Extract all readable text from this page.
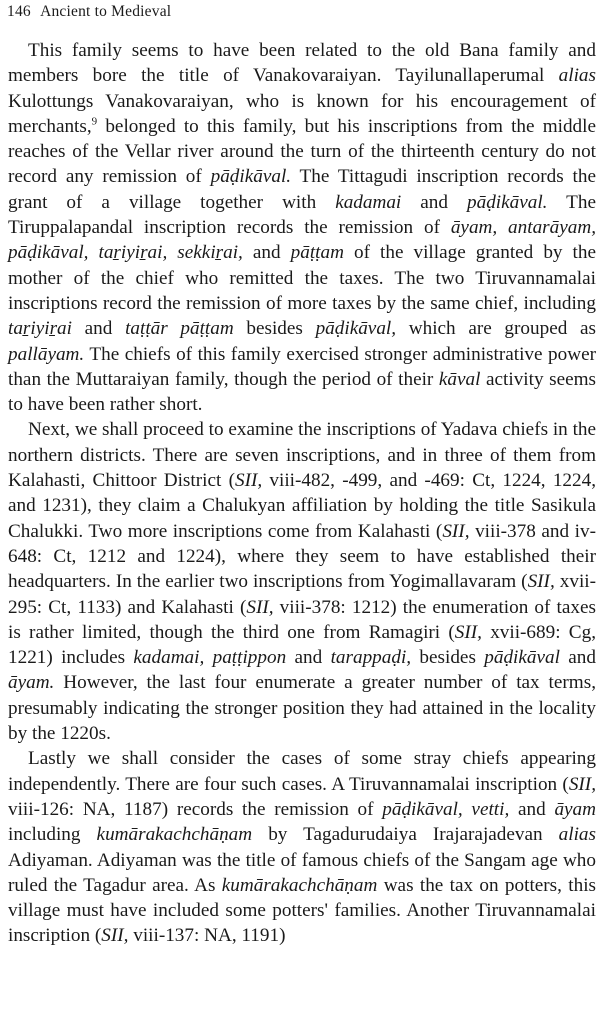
146 Ancient to Medieval

This family seems to have been related to the old Bana family and members bore the title of Vanakovaraiyan. Tayilunallaperumal alias Kulottungs Vanakovaraiyan, who is known for his encouragement of merchants,$^9$ belonged to this family, but his inscriptions from the middle reaches of the Vellar river around the turn of the thirteenth century do not record any remission of pāḍikāval. The Tittagudi inscription records the grant of a village together with kadamai and pāḍikāval. The Tiruppalapandal inscription records the remission of āyam, antarāyam, pāḍikāval, taṟiyiṟai, sekkiṟai, and pāṭṭam of the village granted by the mother of the chief who remitted the taxes. The two Tiruvannamalai inscriptions record the remission of more taxes by the same chief, including taṟiyiṟai and taṭṭār pāṭṭam besides pāḍikāval, which are grouped as pallāyam. The chiefs of this family exercised stronger administrative power than the Muttaraiyan family, though the period of their kāval activity seems to have been rather short.

Next, we shall proceed to examine the inscriptions of Yadava chiefs in the northern districts. There are seven inscriptions, and in three of them from Kalahasti, Chittoor District (SII, viii-482, -499, and -469: Ct, 1224, 1224, and 1231), they claim a Chalukyan affiliation by holding the title Sasikula Chalukki. Two more inscriptions come from Kalahasti (SII, viii-378 and iv-648: Ct, 1212 and 1224), where they seem to have established their headquarters. In the earlier two inscriptions from Yogimallavaram (SII, xvii-295: Ct, 1133) and Kalahasti (SII, viii-378: 1212) the enumeration of taxes is rather limited, though the third one from Ramagiri (SII, xvii-689: Cg, 1221) includes kadamai, paṭṭippon and tarappaḍi, besides pāḍikāval and āyam. However, the last four enumerate a greater number of tax terms, presumably indicating the stronger position they had attained in the locality by the 1220s.

Lastly we shall consider the cases of some stray chiefs appearing independently. There are four such cases. A Tiruvannamalai inscription (SII, viii-126: NA, 1187) records the remission of pāḍikāval, vetti, and āyam including kumārakachchāṇam by Tagadurudaiya Irajarajadevan alias Adiyaman. Adiyaman was the title of famous chiefs of the Sangam age who ruled the Tagadur area. As kumārakachchāṇam was the tax on potters, this village must have included some potters' families. Another Tiruvannamalai inscription (SII, viii-137: NA, 1191)
